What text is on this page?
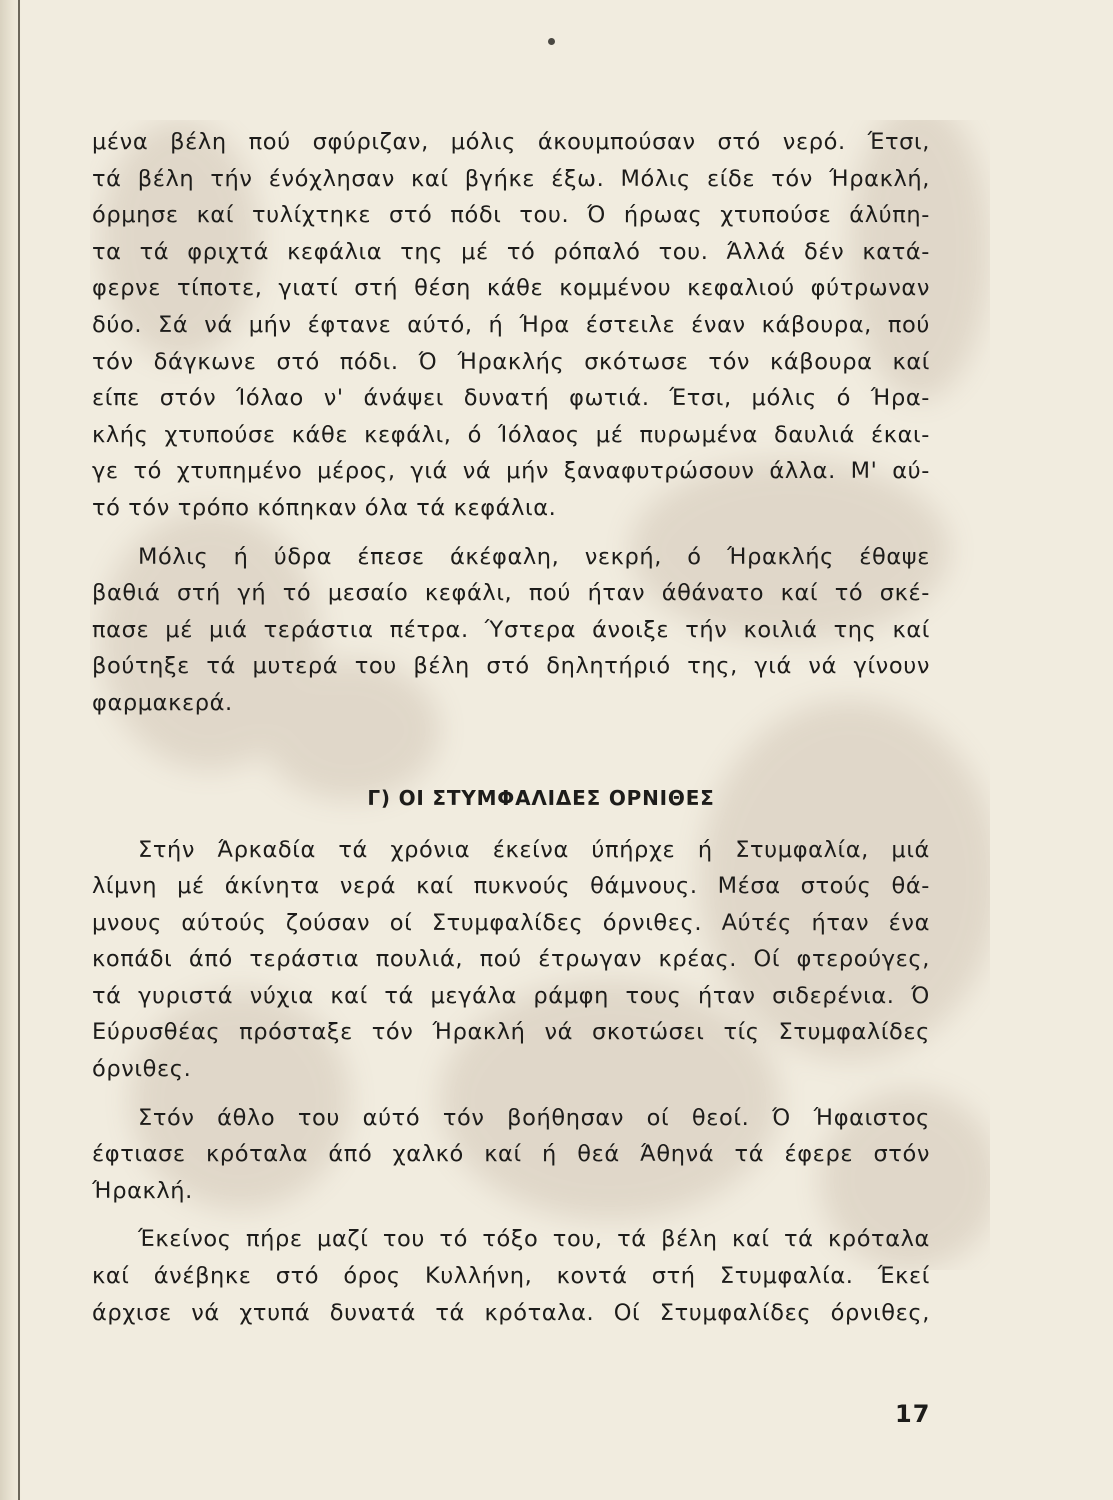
μένα βέλη πού σφύριζαν, μόλις άκουμπούσαν στό νερό. Έτσι,
τά βέλη τήν ένόχλησαν καί βγήκε έξω. Μόλις είδε τόν Ήρακλή,
όρμησε καί τυλίχτηκε στό πόδι του. Ό ήρωας χτυπούσε άλύπη-
τα τά φριχτά κεφάλια της μέ τό ρόπαλό του. Άλλά δέν κατά-
φερνε τίποτε, γιατί στή θέση κάθε κομμένου κεφαλιού φύτρωναν
δύο. Σά νά μήν έφτανε αύτό, ή Ήρα έστειλε έναν κάβουρα, πού
τόν δάγκωνε στό πόδι. Ό Ήρακλής σκότωσε τόν κάβουρα καί
είπε στόν Ίόλαο ν' άνάψει δυνατή φωτιά. Έτσι, μόλις ό Ήρα-
κλής χτυπούσε κάθε κεφάλι, ό Ίόλαος μέ πυρωμένα δαυλιά έκαι-
γε τό χτυπημένο μέρος, γιά νά μήν ξαναφυτρώσουν άλλα. Μ' αύ-
τό τόν τρόπο κόπηκαν όλα τά κεφάλια.
Μόλις ή ύδρα έπεσε άκέφαλη, νεκρή, ό Ήρακλής έθαψε
βαθιά στή γή τό μεσαίο κεφάλι, πού ήταν άθάνατο καί τό σκέ-
πασε μέ μιά τεράστια πέτρα. Ύστερα άνοιξε τήν κοιλιά της καί
βούτηξε τά μυτερά του βέλη στό δηλητήριό της, γιά νά γίνουν
φαρμακερά.
Γ) ΟΙ ΣΤΥΜΦΑΛΙΔΕΣ ΟΡΝΙΘΕΣ
Στήν Άρκαδία τά χρόνια έκείνα ύπήρχε ή Στυμφαλία, μιά
λίμνη μέ άκίνητα νερά καί πυκνούς θάμνους. Μέσα στούς θά-
μνους αύτούς ζούσαν οί Στυμφαλίδες όρνιθες. Αύτές ήταν ένα
κοπάδι άπό τεράστια πουλιά, πού έτρωγαν κρέας. Οί φτερούγες,
τά γυριστά νύχια καί τά μεγάλα ράμφη τους ήταν σιδερένια. Ό
Εύρυσθέας πρόσταξε τόν Ήρακλή νά σκοτώσει τίς Στυμφαλίδες
όρνιθες.
Στόν άθλο του αύτό τόν βοήθησαν οί θεοί. Ό Ήφαιστος
έφτιασε κρόταλα άπό χαλκό καί ή θεά Άθηνά τά έφερε στόν
Ήρακλή.
Έκείνος πήρε μαζί του τό τόξο του, τά βέλη καί τά κρόταλα
καί άνέβηκε στό όρος Κυλλήνη, κοντά στή Στυμφαλία. Έκεί
άρχισε νά χτυπά δυνατά τά κρόταλα. Οί Στυμφαλίδες όρνιθες,
17
